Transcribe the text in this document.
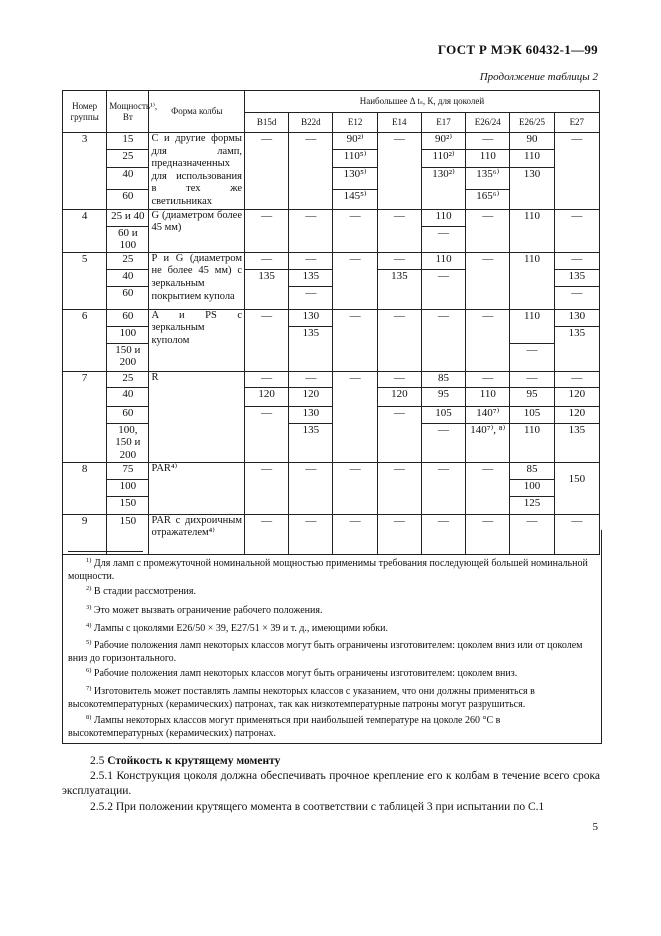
ГОСТ Р МЭК 60432-1—99
Продолжение таблицы 2
Номер группы	Мощность¹⁾, Вт	Форма колбы	Наибольшее Δ tₛ, К, для цоколей							
			B15d	B22d	E12	E14	E17	E26/24	E26/25	E27
3	15	С и другие формы для ламп, предназначенных для использования в тех же светильниках	—	—	90²⁾	—	90²⁾	—	90	—
	25				110⁵⁾		110²⁾	110	110	
	40				130⁵⁾		130²⁾	135⁶⁾	130	
	60				145⁵⁾			165⁶⁾		
4	25 и 40	G (диаметром более 45 мм)	—	—	—	—	110	—	110	—
	60 и 100						—			
5	25	P и G (диаметром не более 45 мм) с зеркальным покрытием купола	—	—	—	—	110	—	110	—
	40		135	135		135	—			135
	60			—						—
6	60	A и PS с зеркальным куполом	—	130	—	—	—	—	110	130
	100			135						135
	150 и 200								—	
7	25	R	—	—	—	—	85	—	—	—
	40		120	120		120	95	110	95	120
	60		—	130		—	105	140⁷⁾	105	120
	100, 150 и 200			135			—	140⁷⁾, ⁸⁾	110	135
8	75	PAR⁴⁾	—	—	—	—	—	—	85	150
	100								100	
	150								125	
9	150	PAR с дихроичным отражателем⁴⁾	—	—	—	—	—	—	—	—
$^{1)}$ Для ламп с промежуточной номинальной мощностью применимы требования последующей большей номинальной мощности.
$^{2)}$ В стадии рассмотрения.
$^{3)}$ Это может вызвать ограничение рабочего положения.
$^{4)}$ Лампы с цоколями E26/50 × 39, E27/51 × 39 и т. д., имеющими юбки.
$^{5)}$ Рабочие положения ламп некоторых классов могут быть ограничены изготовителем: цоколем вниз или от цоколем вниз до горизонтального.
$^{6)}$ Рабочие положения ламп некоторых классов могут быть ограничены изготовителем: цоколем вниз.
$^{7)}$ Изготовитель может поставлять лампы некоторых классов с указанием, что они должны применяться в высокотемпературных (керамических) патронах, так как низкотемпературные патроны могут разрушиться.
$^{8)}$ Лампы некоторых классов могут применяться при наибольшей температуре на цоколе 260 °С в высокотемпературных (керамических) патронах.

2.5 Стойкость к крутящему моменту

2.5.1 Конструкция цоколя должна обеспечивать прочное крепление его к колбам в течение всего срока эксплуатации.

2.5.2 При положении крутящего момента в соответствии с таблицей 3 при испытании по С.1

5
